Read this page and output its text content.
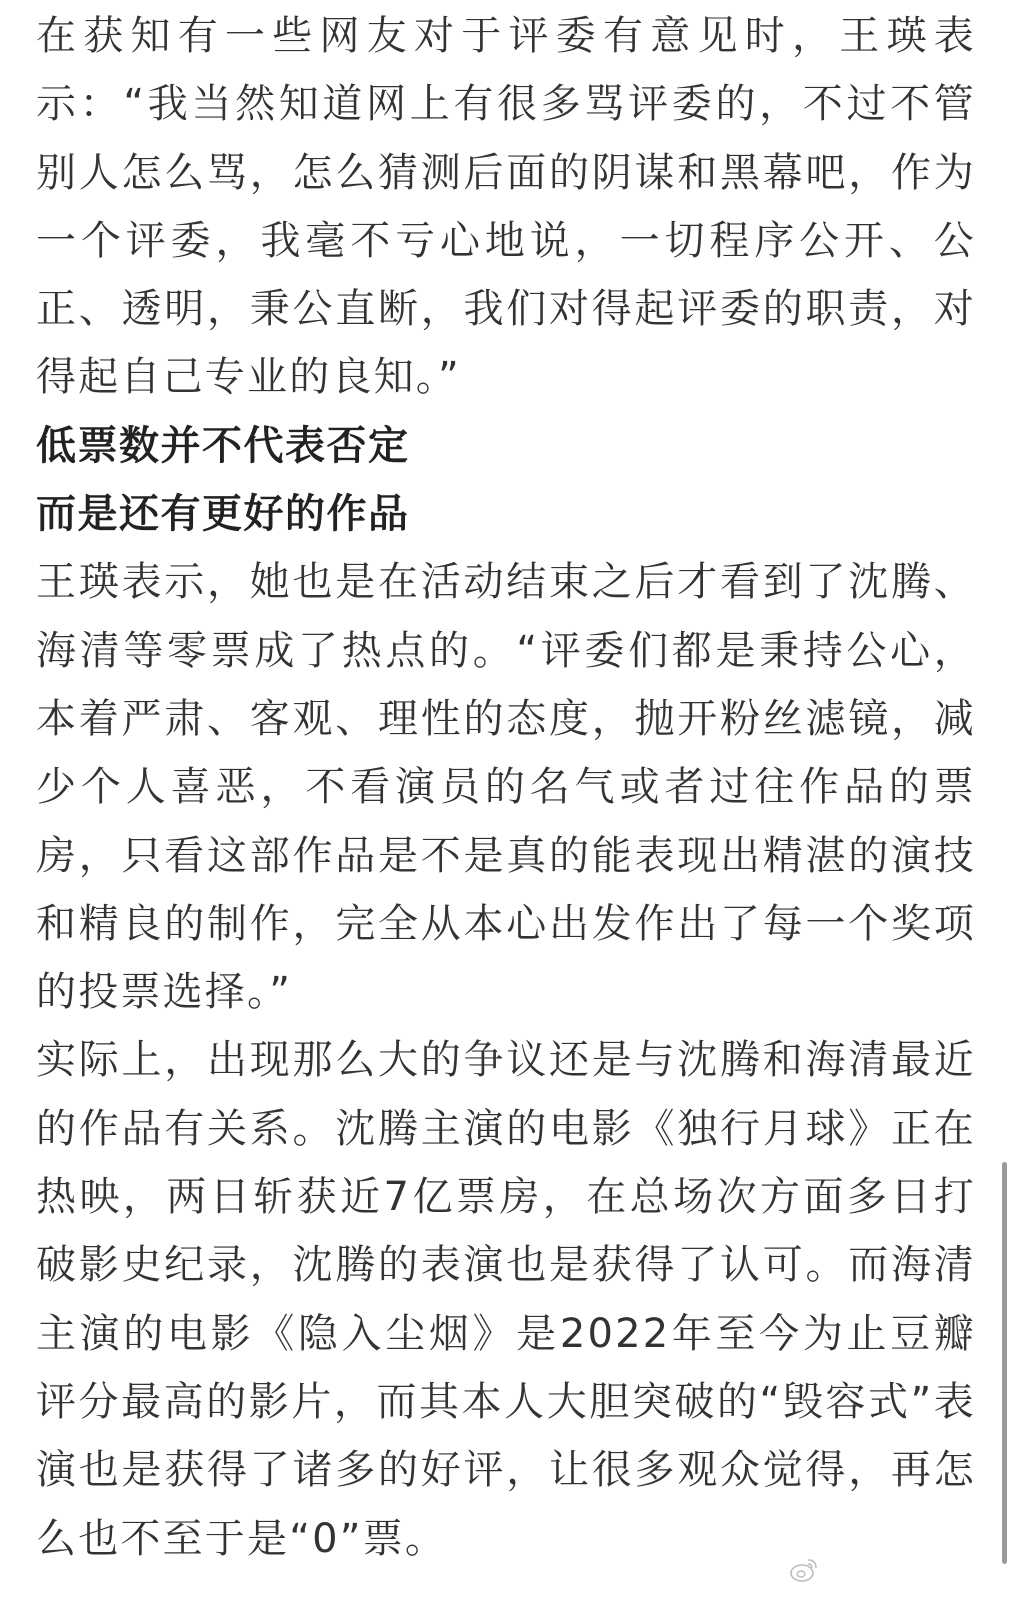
在获知有一些网友对于评委有意见时，王瑛表示：“我当然知道网上有很多骂评委的，不过不管别人怎么骂，怎么猜测后面的阴谋和黑幕吧，作为一个评委，我毫不亏心地说，一切程序公开、公正、透明，秉公直断，我们对得起评委的职责，对得起自己专业的良知。”

低票数并不代表否定

而是还有更好的作品

王瑛表示，她也是在活动结束之后才看到了沈腾、海清等零票成了热点的。“评委们都是秉持公心，本着严肃、客观、理性的态度，抛开粉丝滤镜，减少个人喜恶，不看演员的名气或者过往作品的票房，只看这部作品是不是真的能表现出精湛的演技和精良的制作，完全从本心出发作出了每一个奖项的投票选择。”

实际上，出现那么大的争议还是与沈腾和海清最近的作品有关系。沈腾主演的电影《独行月球》正在热映，两日斩获近7亿票房，在总场次方面多日打破影史纪录，沈腾的表演也是获得了认可。而海清主演的电影《隐入尘烟》是2022年至今为止豆瓣评分最高的影片，而其本人大胆突破的“毁容式”表演也是获得了诸多的好评，让很多观众觉得，再怎么也不至于是“0”票。
